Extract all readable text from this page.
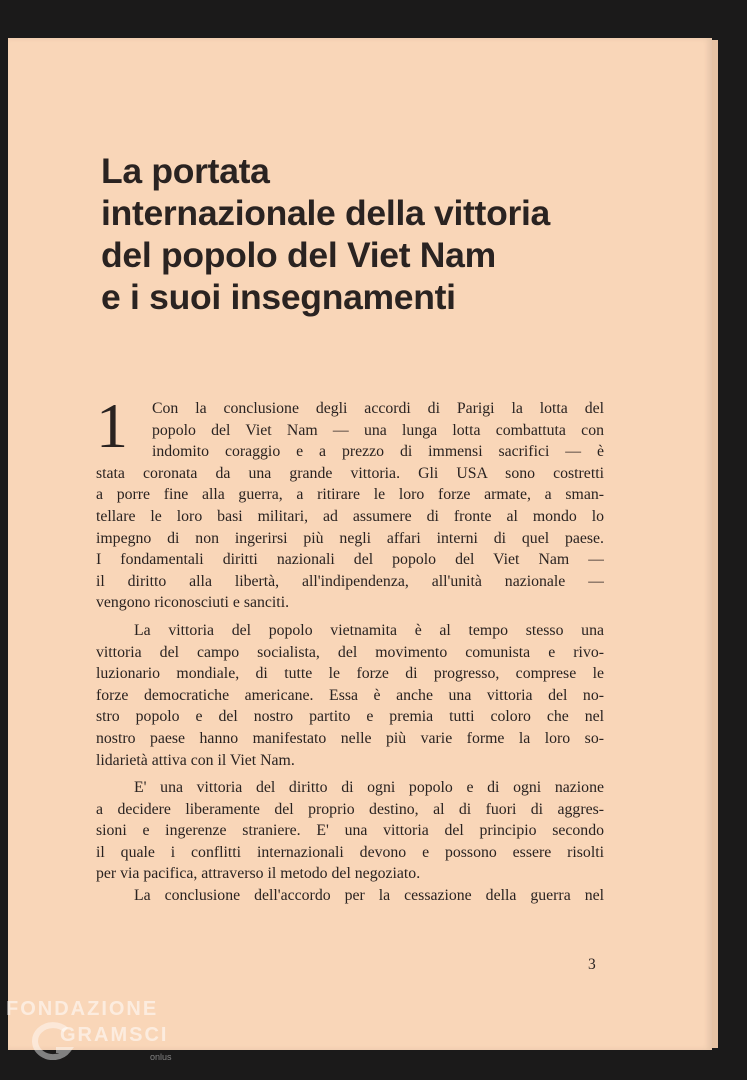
La portata
internazionale della vittoria
del popolo del Viet Nam
e i suoi insegnamenti
1	Con la conclusione degli accordi di Parigi la lotta del
popolo del Viet Nam — una lunga lotta combattuta con
indomito coraggio e a prezzo di immensi sacrifici — è
stata coronata da una grande vittoria. Gli USA sono costretti
a porre fine alla guerra, a ritirare le loro forze armate, a sman-
tellare le loro basi militari, ad assumere di fronte al mondo lo
impegno di non ingerirsi più negli affari interni di quel paese.
I fondamentali diritti nazionali del popolo del Viet Nam —
il diritto alla libertà, all'indipendenza, all'unità nazionale —
vengono riconosciuti e sanciti.
La vittoria del popolo vietnamita è al tempo stesso una
vittoria del campo socialista, del movimento comunista e rivo-
luzionario mondiale, di tutte le forze di progresso, comprese le
forze democratiche americane. Essa è anche una vittoria del no-
stro popolo e del nostro partito e premia tutti coloro che nel
nostro paese hanno manifestato nelle più varie forme la loro so-
lidarietà attiva con il Viet Nam.
E' una vittoria del diritto di ogni popolo e di ogni nazione
a decidere liberamente del proprio destino, al di fuori di aggres-
sioni e ingerenze straniere. E' una vittoria del principio secondo
il quale i conflitti internazionali devono e possono essere risolti
per via pacifica, attraverso il metodo del negoziato.
La conclusione dell'accordo per la cessazione della guerra nel
3
FONDAZIONE
GRAMSCI
onlus
